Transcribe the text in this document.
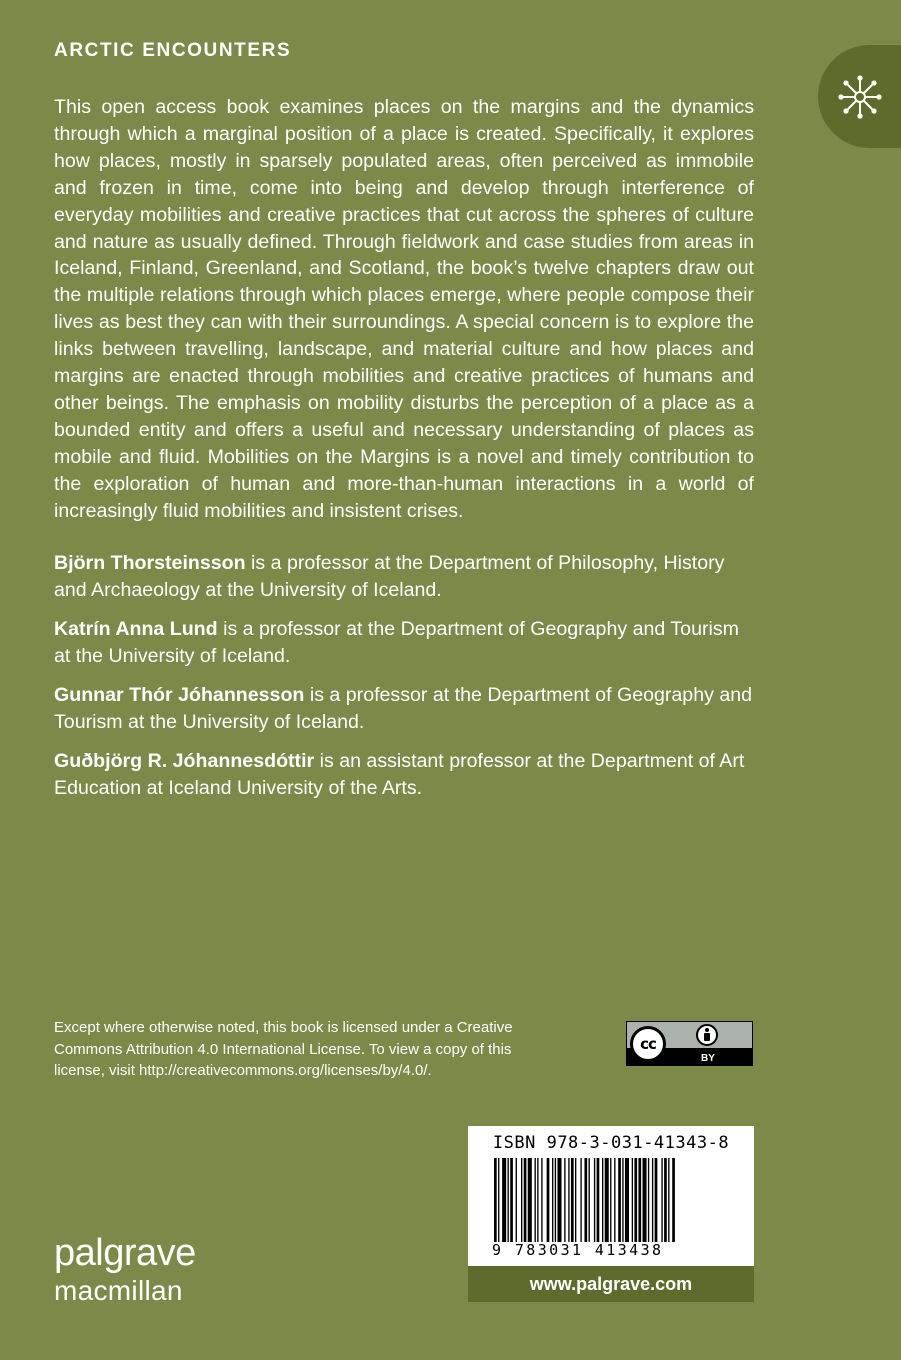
ARCTIC ENCOUNTERS

This open access book examines places on the margins and the dynamics through which a marginal position of a place is created. Specifically, it explores how places, mostly in sparsely populated areas, often perceived as immobile and frozen in time, come into being and develop through interference of everyday mobilities and creative practices that cut across the spheres of culture and nature as usually defined. Through fieldwork and case studies from areas in Iceland, Finland, Greenland, and Scotland, the book’s twelve chapters draw out the multiple relations through which places emerge, where people compose their lives as best they can with their surroundings. A special concern is to explore the links between travelling, landscape, and material culture and how places and margins are enacted through mobilities and creative practices of humans and other beings. The emphasis on mobility disturbs the perception of a place as a bounded entity and offers a useful and necessary understanding of places as mobile and fluid. Mobilities on the Margins is a novel and timely contribution to the exploration of human and more-than-human interactions in a world of increasingly fluid mobilities and insistent crises.

Björn Thorsteinsson is a professor at the Department of Philosophy, History and Archaeology at the University of Iceland.

Katrín Anna Lund is a professor at the Department of Geography and Tourism at the University of Iceland.

Gunnar Thór Jóhannesson is a professor at the Department of Geography and Tourism at the University of Iceland.

Guðbjörg R. Jóhannesdóttir is an assistant professor at the Department of Art Education at Iceland University of the Arts.

Except where otherwise noted, this book is licensed under a Creative Commons Attribution 4.0 International License. To view a copy of this license, visit http://creativecommons.org/licenses/by/4.0/.
cc
BY
ISBN 978-3-031-41343-8
9 783031 413438
www.palgrave.com
palgrave
macmillan
